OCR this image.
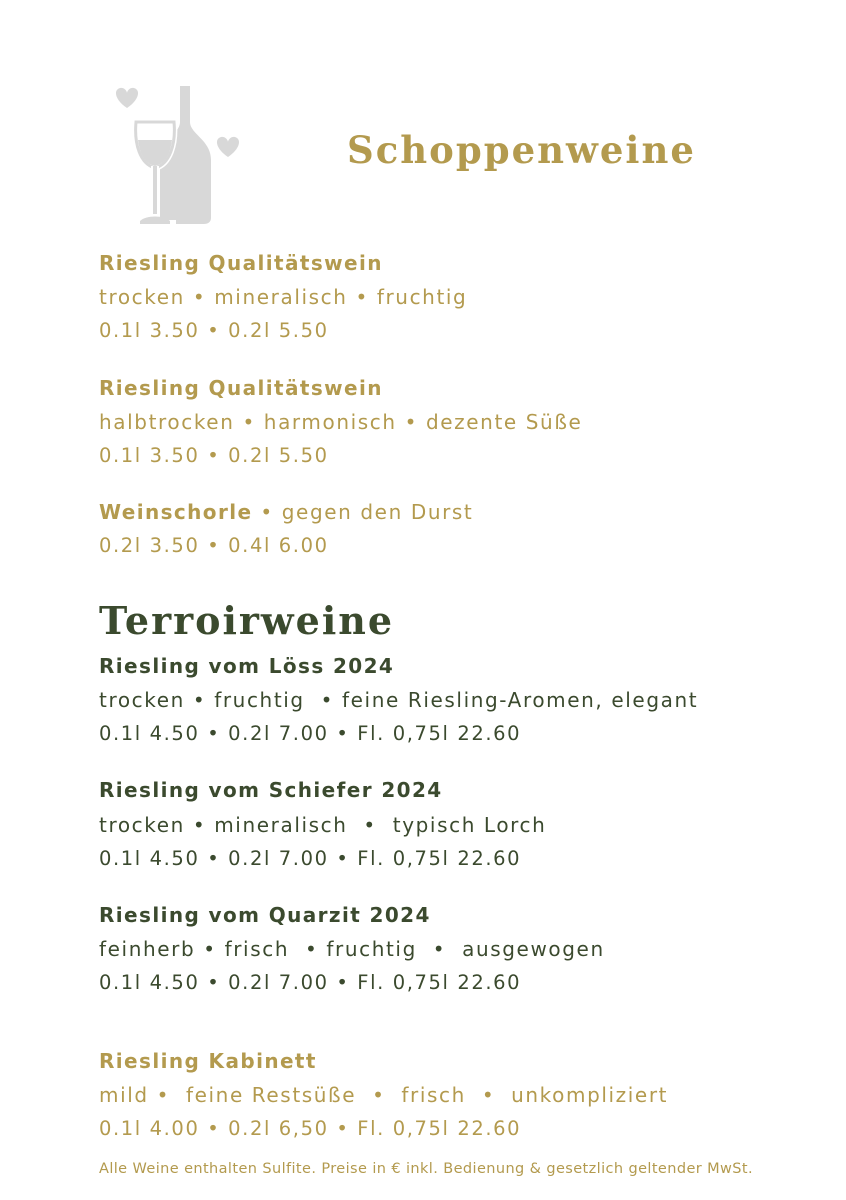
Schoppenweine
Riesling Qualitätswein
trocken • mineralisch • fruchtig
0.1l 3.50 • 0.2l 5.50
Riesling Qualitätswein
halbtrocken • harmonisch • dezente Süße
0.1l 3.50 • 0.2l 5.50
Weinschorle • gegen den Durst
0.2l 3.50 • 0.4l 6.00
Terroirweine
Riesling vom Löss 2024
trocken • fruchtig  • feine Riesling-Aromen, elegant
0.1l 4.50 • 0.2l 7.00 • Fl. 0,75l 22.60
Riesling vom Schiefer 2024
trocken • mineralisch  •  typisch Lorch
0.1l 4.50 • 0.2l 7.00 • Fl. 0,75l 22.60
Riesling vom Quarzit 2024
feinherb • frisch  • fruchtig  •  ausgewogen
0.1l 4.50 • 0.2l 7.00 • Fl. 0,75l 22.60
Riesling Kabinett
mild •  feine Restsüße  •  frisch  •  unkompliziert
0.1l 4.00 • 0.2l 6,50 • Fl. 0,75l 22.60
Alle Weine enthalten Sulfite. Preise in € inkl. Bedienung & gesetzlich geltender MwSt.
